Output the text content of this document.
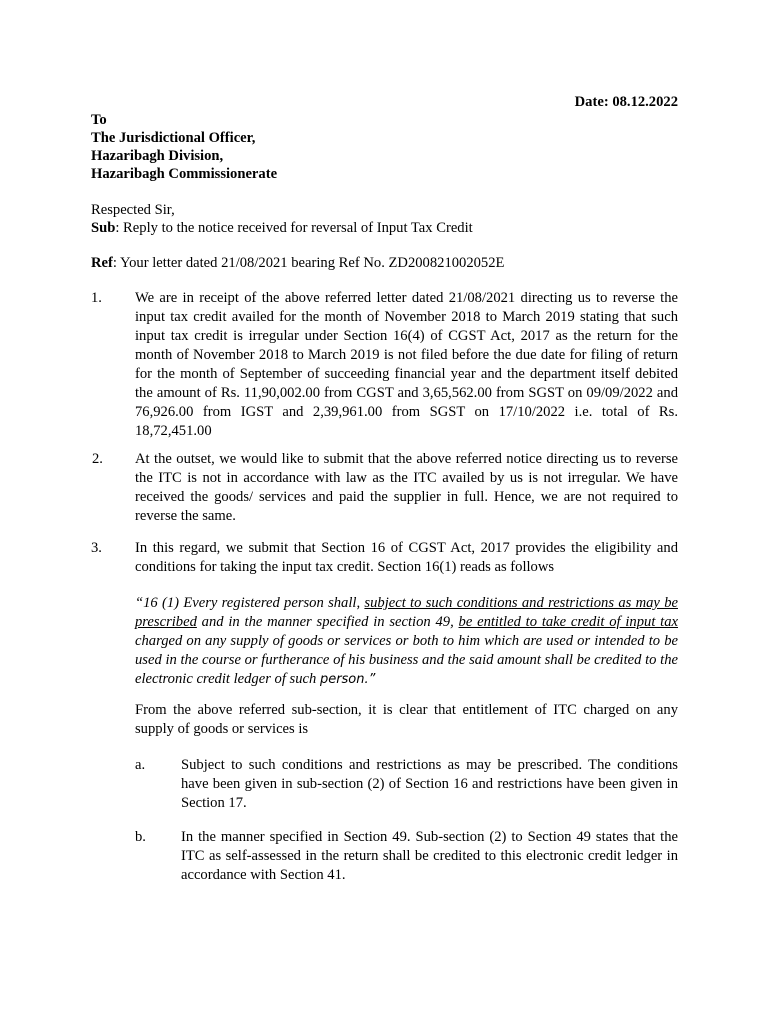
Date: 08.12.2022
To
The Jurisdictional Officer,
Hazaribagh Division,
Hazaribagh Commissionerate
Respected Sir,
Sub: Reply to the notice received for reversal of Input Tax Credit
Ref: Your letter dated 21/08/2021 bearing Ref No. ZD200821002052E
1. We are in receipt of the above referred letter dated 21/08/2021 directing us to reverse the input tax credit availed for the month of November 2018 to March 2019 stating that such input tax credit is irregular under Section 16(4) of CGST Act, 2017 as the return for the month of November 2018 to March 2019 is not filed before the due date for filing of return for the month of September of succeeding financial year and the department itself debited the amount of Rs. 11,90,002.00 from CGST and 3,65,562.00 from SGST on 09/09/2022 and 76,926.00 from IGST and 2,39,961.00 from SGST on 17/10/2022 i.e. total of Rs. 18,72,451.00
2. At the outset, we would like to submit that the above referred notice directing us to reverse the ITC is not in accordance with law as the ITC availed by us is not irregular. We have received the goods/ services and paid the supplier in full. Hence, we are not required to reverse the same.
3. In this regard, we submit that Section 16 of CGST Act, 2017 provides the eligibility and conditions for taking the input tax credit. Section 16(1) reads as follows
“16 (1) Every registered person shall, subject to such conditions and restrictions as may be prescribed and in the manner specified in section 49, be entitled to take credit of input tax charged on any supply of goods or services or both to him which are used or intended to be used in the course or furtherance of his business and the said amount shall be credited to the electronic credit ledger of such person.”
From the above referred sub-section, it is clear that entitlement of ITC charged on any supply of goods or services is
a. Subject to such conditions and restrictions as may be prescribed. The conditions have been given in sub-section (2) of Section 16 and restrictions have been given in Section 17.
b. In the manner specified in Section 49. Sub-section (2) to Section 49 states that the ITC as self-assessed in the return shall be credited to this electronic credit ledger in accordance with Section 41.
